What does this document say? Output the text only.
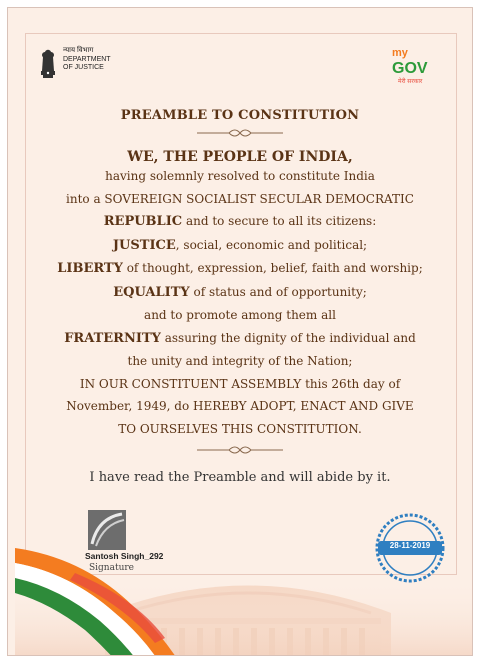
न्याय विभाग
DEPARTMENT
OF JUSTICE
my
GOV
मेरी सरकार
PREAMBLE TO CONSTITUTION
WE, THE PEOPLE OF INDIA,
having solemnly resolved to constitute India
into a SOVEREIGN SOCIALIST SECULAR DEMOCRATIC
REPUBLIC and to secure to all its citizens:
JUSTICE, social, economic and political;
LIBERTY of thought, expression, belief, faith and worship;
EQUALITY of status and of opportunity;
and to promote among them all
FRATERNITY assuring the dignity of the individual and
the unity and integrity of the Nation;
IN OUR CONSTITUENT ASSEMBLY this 26th day of
November, 1949, do HEREBY ADOPT, ENACT AND GIVE
TO OURSELVES THIS CONSTITUTION.
I have read the Preamble and will abide by it.
Santosh Singh_292
Signature
28-11-2019
